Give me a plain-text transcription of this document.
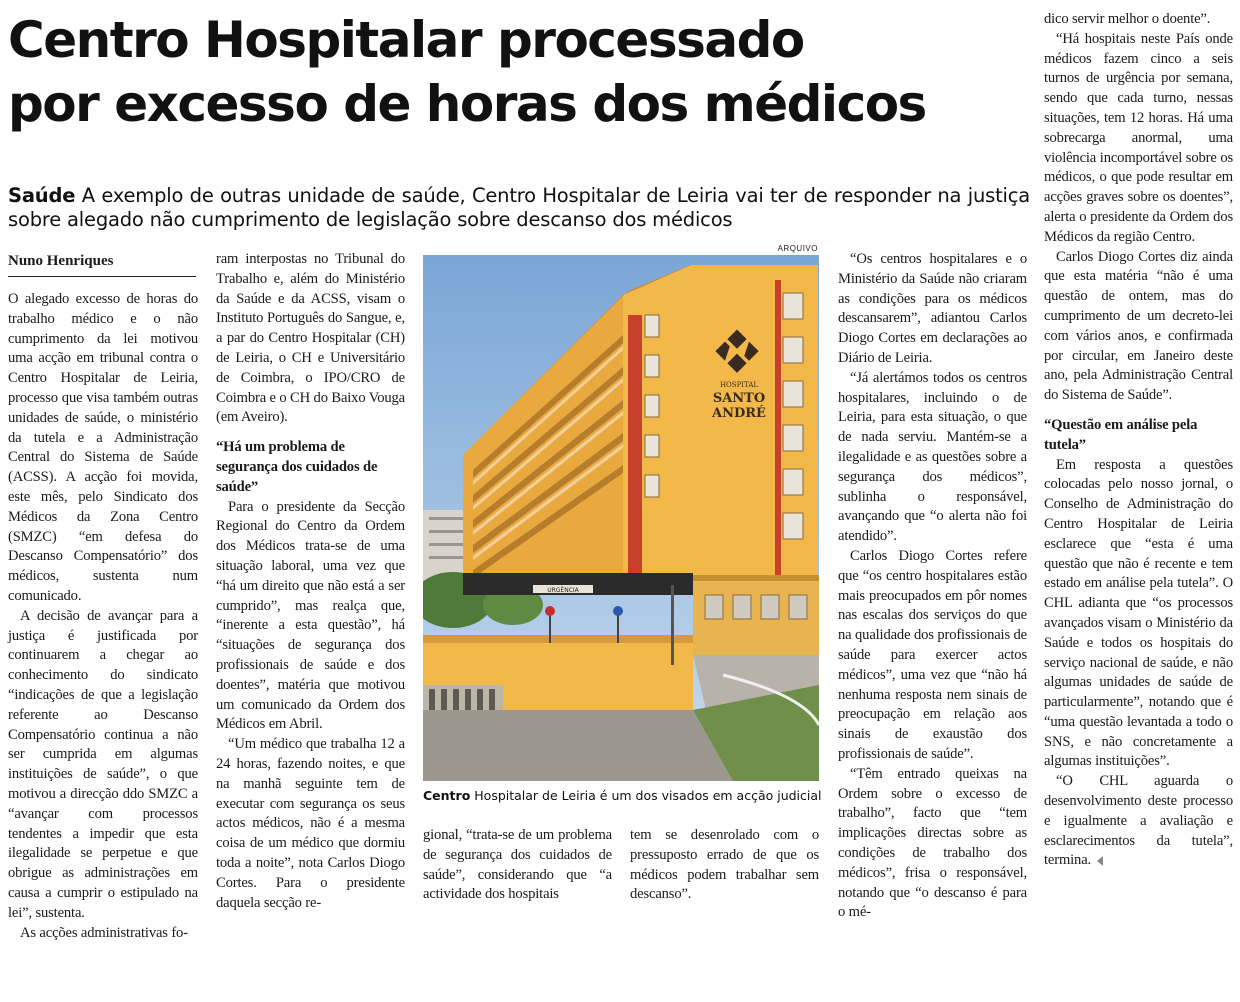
Centro Hospitalar processado
por excesso de horas dos médicos

Saúde A exemplo de outras unidade de saúde, Centro Hospitalar de Leiria vai ter de responder na justiça sobre alegado não cumprimento de legislação sobre descanso dos médicos

Nuno Henriques

O alegado excesso de horas do trabalho médico e o não cumprimento da lei motivou uma acção em tribunal contra o Centro Hospitalar de Leiria, processo que visa também outras unidades de saúde, o ministério da tutela e a Administração Central do Sistema de Saúde (ACSS). A acção foi movida, este mês, pelo Sindicato dos Médicos da Zona Centro (SMZC) “em defesa do Descanso Compensatório” dos médicos, sustenta num comunicado.

A decisão de avançar para a justiça é justificada por continuarem a chegar ao conhecimento do sindicato “indicações de que a legislação referente ao Descanso Compensatório continua a não ser cumprida em algumas instituições de saúde”, o que motivou a direcção ddo SMZC a “avançar com processos tendentes a impedir que esta ilegalidade se perpetue e que obrigue as administrações em causa a cumprir o estipulado na lei”, sustenta.

As acções administrativas fo-

ram interpostas no Tribunal do Trabalho e, além do Ministério da Saúde e da ACSS, visam o Instituto Português do Sangue, e, a par do Centro Hospitalar (CH) de Leiria, o CH e Universitário de Coimbra, o IPO/CRO de Coimbra e o CH do Baixo Vouga (em Aveiro).

“Há um problema de segurança dos cuidados de saúde”

Para o presidente da Secção Regional do Centro da Ordem dos Médicos trata-se de uma situação laboral, uma vez que “há um direito que não está a ser cumprido”, mas realça que, “inerente a esta questão”, há “situações de segurança dos profissionais de saúde e dos doentes”, matéria que motivou um comunicado da Ordem dos Médicos em Abril.

“Um médico que trabalha 12 a 24 horas, fazendo noites, e que na manhã seguinte tem de executar com segurança os seus actos médicos, não é a mesma coisa de um médico que dormiu toda a noite”, nota Carlos Diogo Cortes. Para o presidente daquela secção re-

ARQUIVO
HOSPITAL
SANTO
ANDRÉ
URGÊNCIA
Centro Hospitalar de Leiria é um dos visados em acção judicial

gional, “trata-se de um problema de segurança dos cuidados de saúde”, considerando que “a actividade dos hospitais

tem se desenrolado com o pressuposto errado de que os médicos podem trabalhar sem descanso”.

“Os centros hospitalares e o Ministério da Saúde não criaram as condições para os médicos descansarem”, adiantou Carlos Diogo Cortes em declarações ao Diário de Leiria.

“Já alertámos todos os centros hospitalares, incluindo o de Leiria, para esta situação, o que de nada serviu. Mantém-se a ilegalidade e as questões sobre a segurança dos médicos”, sublinha o responsável, avançando que “o alerta não foi atendido”.

Carlos Diogo Cortes refere que “os centro hospitalares estão mais preocupados em pôr nomes nas escalas dos serviços do que na qualidade dos profissionais de saúde para exercer actos médicos”, uma vez que “não há nenhuma resposta nem sinais de preocupação em relação aos sinais de exaustão dos profissionais de saúde”.

“Têm entrado queixas na Ordem sobre o excesso de trabalho”, facto que “tem implicações directas sobre as condições de trabalho dos médicos”, frisa o responsável, notando que “o descanso é para o mé-

dico servir melhor o doente”.

“Há hospitais neste País onde médicos fazem cinco a seis turnos de urgência por semana, sendo que cada turno, nessas situações, tem 12 horas. Há uma sobrecarga anormal, uma violência incomportável sobre os médicos, o que pode resultar em acções graves sobre os doentes”, alerta o presidente da Ordem dos Médicos da região Centro.

Carlos Diogo Cortes diz ainda que esta matéria “não é uma questão de ontem, mas do cumprimento de um decreto-lei com vários anos, e confirmada por circular, em Janeiro deste ano, pela Administração Central do Sistema de Saúde”.

“Questão em análise pela tutela”

Em resposta a questões colocadas pelo nosso jornal, o Conselho de Administração do Centro Hospitalar de Leiria esclarece que “esta é uma questão que não é recente e tem estado em análise pela tutela”. O CHL adianta que “os processos avançados visam o Ministério da Saúde e todos os hospitais do serviço nacional de saúde, e não algumas unidades de saúde de particularmente”, notando que é “uma questão levantada a todo o SNS, e não concretamente a algumas instituições”.

“O CHL aguarda o desenvolvimento deste processo e igualmente a avaliação e esclarecimentos da tutela”, termina.
